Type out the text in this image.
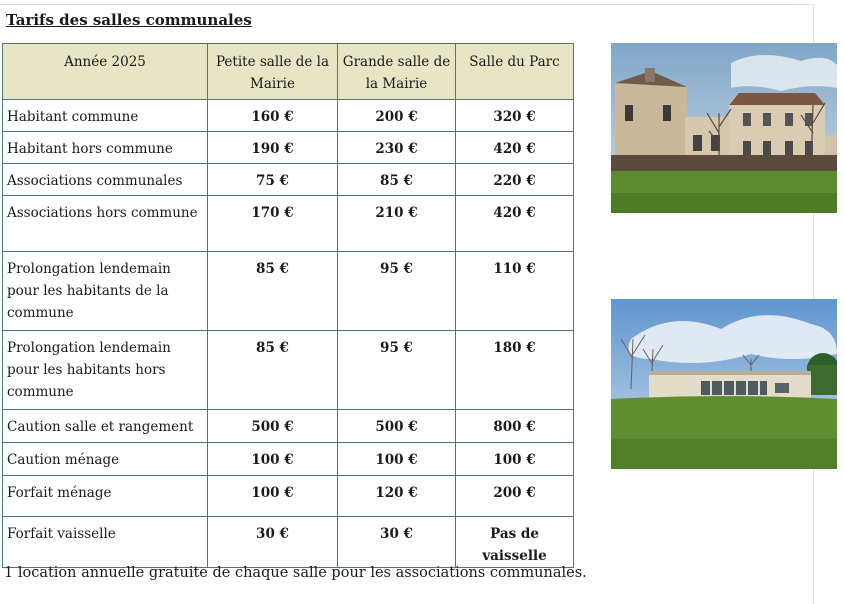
Tarifs des salles communales
Année 2025	Petite salle de la Mairie	Grande salle de la Mairie	Salle du Parc
Habitant commune	160 €	200 €	320 €
Habitant hors commune	190 €	230 €	420 €
Associations communales	75 €	85 €	220 €
Associations hors commune	170 €	210 €	420 €
Prolongation lendemain pour les habitants de la commune	85 €	95 €	110 €
Prolongation lendemain pour les habitants hors commune	85 €	95 €	180 €
Caution salle et rangement	500 €	500 €	800 €
Caution ménage	100 €	100 €	100 €
Forfait ménage	100 €	120 €	200 €
Forfait vaisselle	30 €	30 €	Pas de vaisselle
1 location annuelle gratuite de chaque salle pour les associations communales.
